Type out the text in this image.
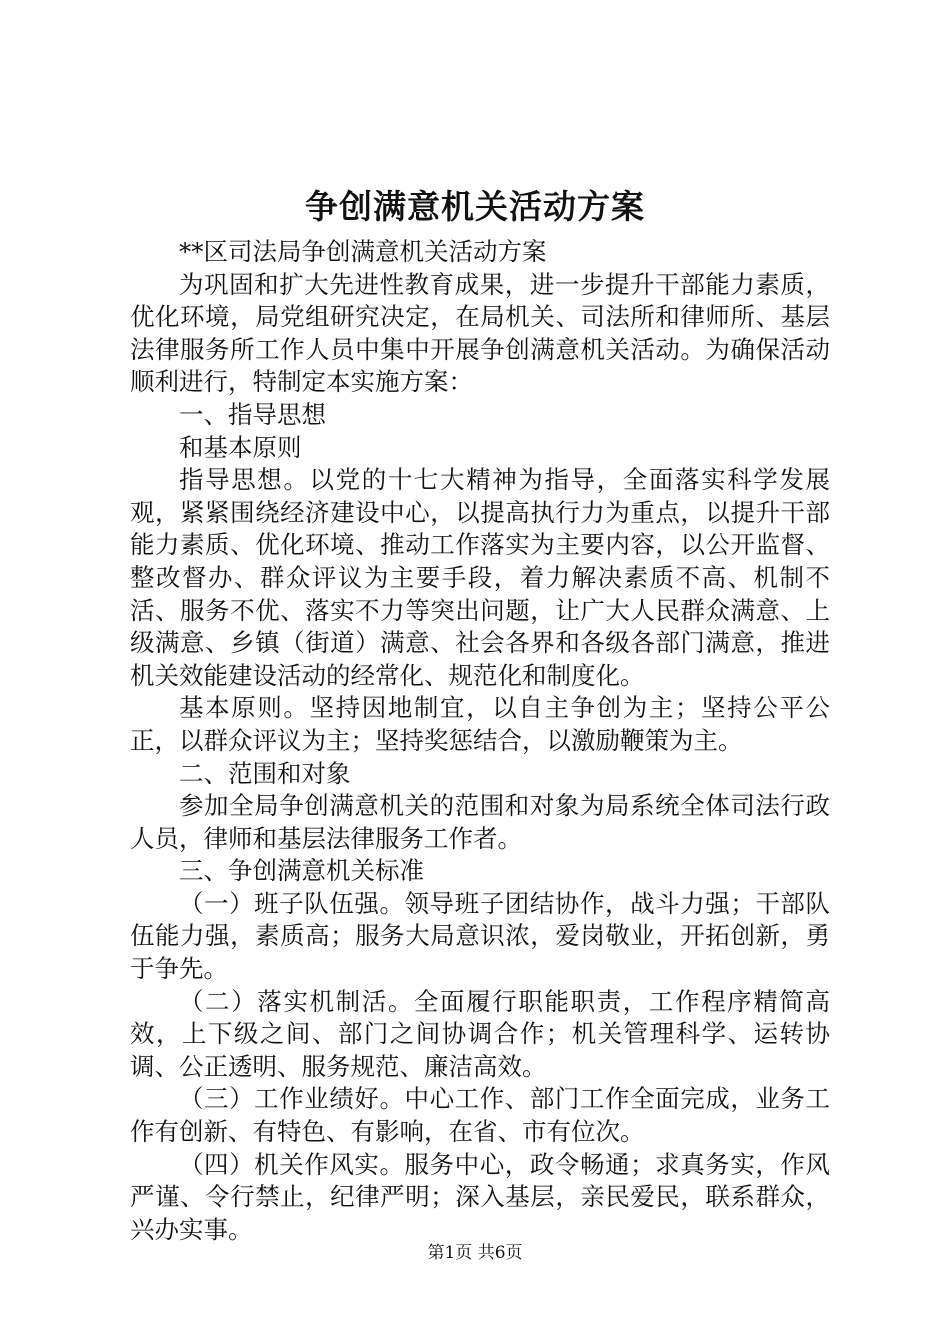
争创满意机关活动方案

**区司法局争创满意机关活动方案

为巩固和扩大先进性教育成果，进一步提升干部能力素质，优化环境，局党组研究决定，在局机关、司法所和律师所、基层法律服务所工作人员中集中开展争创满意机关活动。为确保活动顺利进行，特制定本实施方案：

一、指导思想

和基本原则

指导思想。以党的十七大精神为指导，全面落实科学发展观，紧紧围绕经济建设中心，以提高执行力为重点，以提升干部能力素质、优化环境、推动工作落实为主要内容，以公开监督、整改督办、群众评议为主要手段，着力解决素质不高、机制不活、服务不优、落实不力等突出问题，让广大人民群众满意、上级满意、乡镇（街道）满意、社会各界和各级各部门满意，推进机关效能建设活动的经常化、规范化和制度化。

基本原则。坚持因地制宜，以自主争创为主；坚持公平公正，以群众评议为主；坚持奖惩结合，以激励鞭策为主。

二、范围和对象

参加全局争创满意机关的范围和对象为局系统全体司法行政人员，律师和基层法律服务工作者。

三、争创满意机关标准

（一）班子队伍强。领导班子团结协作，战斗力强；干部队伍能力强，素质高；服务大局意识浓，爱岗敬业，开拓创新，勇于争先。

（二）落实机制活。全面履行职能职责，工作程序精简高效，上下级之间、部门之间协调合作；机关管理科学、运转协调、公正透明、服务规范、廉洁高效。

（三）工作业绩好。中心工作、部门工作全面完成，业务工作有创新、有特色、有影响，在省、市有位次。

（四）机关作风实。服务中心，政令畅通；求真务实，作风严谨、令行禁止，纪律严明；深入基层，亲民爱民，联系群众，兴办实事。

第1页 共6页
